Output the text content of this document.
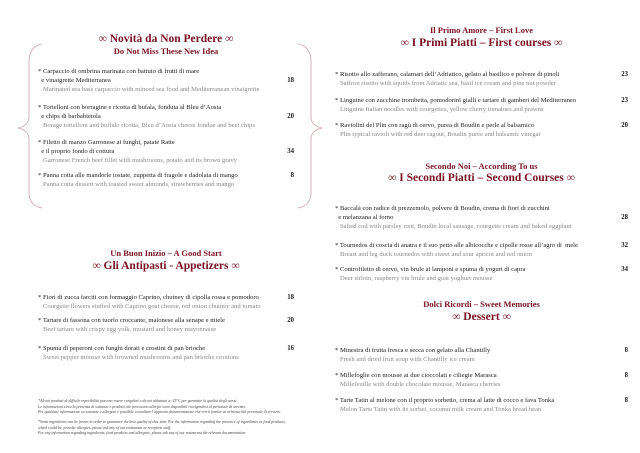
∞ Novità da Non Perdere ∞
Do Not Miss These New Idea
* Carpaccio di ombrina marinata con battuto di frutti di mare
e vinaigrette Mediterranea
Marinated sea bass carpaccio with minced sea food and Mediterranean vinaigrette
18
* Tortelloni con borragine e ricotta di bufala, fonduta al Bleu d’Aosta
e chips di barbabietola
Borage tortelloni and buffalo ricotta, Bleu d’Aosta cheese fondue and beet chips
20
* Filetto di manzo Garronese ai funghi, patate Ratte
e il proprio fondo di cottura
Garronese French beef fillet with mushrooms, potato and its brown gravy
34
* Panna cotta alle mandorle tostate, zuppetta di fragole e dadolata di mango
Panna cotta dessert with toasted sweet almonds, strawberries and mango
8
∞ Gli Antipasti - Appetizers ∞
Un Buon Inizio – A Good Start
* Fiori di zucca farciti con formaggio Caprino, chutney di cipolla rossa e pomodoro
Courgette flowers stuffed with Caprino goat cheese, red onion chutney and tomato
18
* Tartare di fassona con tuorlo croccante, maionese alla senape e miele
Beef tartare with crispy egg yolk, mustard and honey mayonnaise
20
* Spuma di peperoni con funghi dorati e crostini di pan brioche
Sweet pepper mousse with browned mushrooms and pan brioche croutons
16
∞ I Primi Piatti – First courses ∞
Il Primo Amore – First Love
* Risotto allo zafferano, calamari dell’Adriatico, gelato al basilico e polvere di pinoli
Saffron risotto with squids from Adriatic sea, basil ice cream and pine nut powder
23
* Linguine con zucchine trombetta, pomodorini gialli e tartare di gamberi del Mediterraneo
Linguine Italian noodles with courgettes, yellow cherry tomatoes and prawns
23
* Raviolini del Plin con ragù di cervo, purea di Boudin e perle al balsamico
Plin typical ravioli with red deer ragout, Boudin purée and balsamic vinegar
20
∞ I Secondi Piatti – Second Courses ∞
Secondo Noi – According To us
* Baccalà con radice di prezzemolo, polvere di Boudin, crema di fiori di zucchini
e melanzana al forno
Salted cod with parsley root, Boudin local sausage, courgette cream and baked eggplant
28
* Tournedos di coscia di anatra e il suo petto alle albicocche e cipolle rosse all’agro di  mele
Breast and leg duck tournedos with sweet and sour apricot and red onion
32
* Controfiletto di cervo, vin brule ai lamponi e spuma di yogurt di capra
Deer sirloin, raspberry vin brule and goat yoghurt mousse
34
∞ Dessert ∞
Dolci Ricordi – Sweet Memories
* Minestra di frutta fresca e secca con gelato alla Chantilly
Fresh and dried fruit soup with Chantilly ice cream
8
* Millefoglie con mousse ai due cioccolati e ciliegie Marasca
Millefeuille with double chocolate mousse, Marasca cherries
8
* Tarte Tatin al melone con il proprio sorbetto, crema al latte di cocco e fava Tonka
Melon Tarte Tatin with its sorbet, coconut milk cream and Tonka bread bean
8
*Alcuni prodotti di difficile reperibilità possono essere congelati o da noi abbattuti a -25°C per garantire la qualità degli stessi.
Le informazioni circa la presenza di sostanze o prodotti che provocano allergie sono disponibili rivolgendosi al personale di servizio.
Per qualsiasi informazione su sostanze e allergeni è possibile consultare l’apposita documentazione che verrà fornita su richiesta dal personale di servizio.
*Some ingredients can be frozen in order to guarantee the best quality of that item. For the information regarding the presence of ingredients or food products,
which could be, provoke allergies, please ask any of our restaurant or reception staff.
For any information regarding ingredients, food products and allergens, please ask any of our restaurant the relevant documentation.
